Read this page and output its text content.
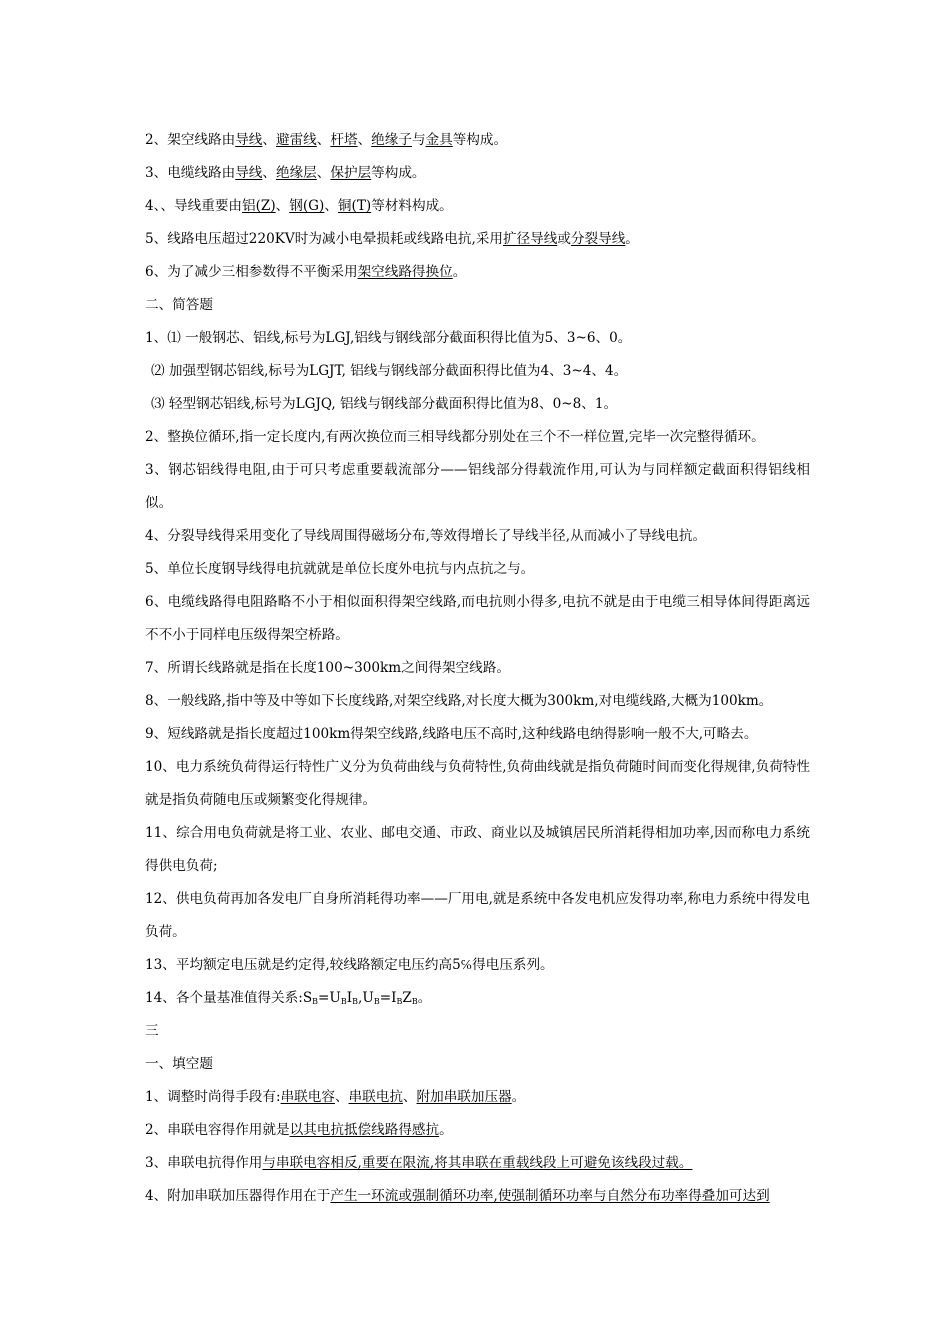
2、架空线路由导线、避雷线、杆塔、绝缘子与金具等构成。
3、电缆线路由导线、绝缘层、保护层等构成。
4、、导线重要由铝(Z)、钢(G)、铜(T)等材料构成。
5、线路电压超过220KV时为减小电晕损耗或线路电抗,采用扩径导线或分裂导线。
6、为了减少三相参数得不平衡采用架空线路得换位。
二、简答题
1、⑴ 一般钢芯、铝线,标号为LGJ,铝线与钢线部分截面积得比值为5、3~6、0。
⑵ 加强型钢芯铝线,标号为LGJT, 铝线与钢线部分截面积得比值为4、3~4、4。
⑶ 轻型钢芯铝线,标号为LGJQ, 铝线与钢线部分截面积得比值为8、0~8、1。
2、整换位循环,指一定长度内,有两次换位而三相导线都分别处在三个不一样位置,完毕一次完整得循环。
3、钢芯铝线得电阻,由于可只考虑重要载流部分——铝线部分得载流作用,可认为与同样额定截面积得铝线相似。
4、分裂导线得采用变化了导线周围得磁场分布,等效得增长了导线半径,从而减小了导线电抗。
5、单位长度钢导线得电抗就就是单位长度外电抗与内点抗之与。
6、电缆线路得电阻路略不小于相似面积得架空线路,而电抗则小得多,电抗不就是由于电缆三相导体间得距离远不不小于同样电压级得架空桥路。
7、所谓长线路就是指在长度100~300km之间得架空线路。
8、一般线路,指中等及中等如下长度线路,对架空线路,对长度大概为300km,对电缆线路,大概为100km。
9、短线路就是指长度超过100km得架空线路,线路电压不高时,这种线路电纳得影响一般不大,可略去。
10、电力系统负荷得运行特性广义分为负荷曲线与负荷特性,负荷曲线就是指负荷随时间而变化得规律,负荷特性就是指负荷随电压或频繁变化得规律。
11、综合用电负荷就是将工业、农业、邮电交通、市政、商业以及城镇居民所消耗得相加功率,因而称电力系统得供电负荷;
12、供电负荷再加各发电厂自身所消耗得功率——厂用电,就是系统中各发电机应发得功率,称电力系统中得发电负荷。
13、平均额定电压就是约定得,较线路额定电压约高5℅得电压系列。
14、各个量基准值得关系$:S_B=U_BI_B,U_B=I_BZ_B$。
三
一、填空题
1、调整时尚得手段有:串联电容、串联电抗、附加串联加压器。
2、串联电容得作用就是以其电抗抵偿线路得感抗。
3、串联电抗得作用与串联电容相反,重要在限流,将其串联在重载线段上可避免该线段过载。
4、附加串联加压器得作用在于产生一环流或强制循环功率,使强制循环功率与自然分布功率得叠加可达到
